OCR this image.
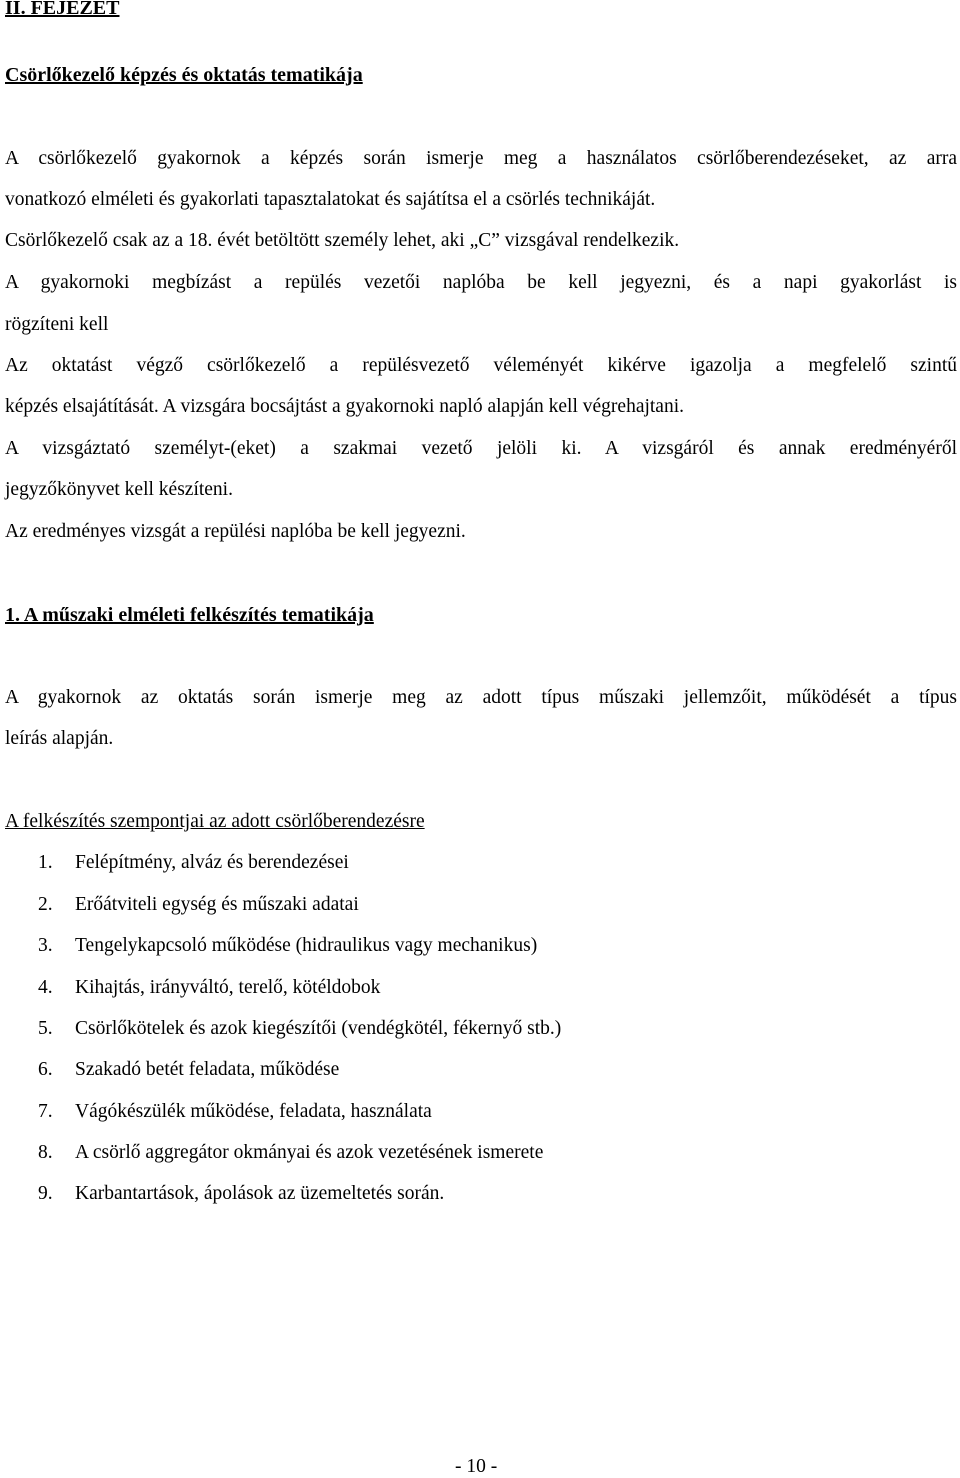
II. FEJEZET
Csörlőkezelő képzés és oktatás tematikája
A csörlőkezelő gyakornok a képzés során ismerje meg a használatos csörlőberendezéseket, az arra
vonatkozó elméleti és gyakorlati tapasztalatokat és sajátítsa el a csörlés technikáját.
Csörlőkezelő csak az a 18. évét betöltött személy lehet, aki „C” vizsgával rendelkezik.
A gyakornoki megbízást a repülés vezetői naplóba be kell jegyezni, és a napi gyakorlást is
rögzíteni kell
Az oktatást végző csörlőkezelő a repülésvezető véleményét kikérve igazolja a megfelelő szintű
képzés elsajátítását. A vizsgára bocsájtást a gyakornoki napló alapján kell végrehajtani.
A vizsgáztató személyt-(eket) a szakmai vezető jelöli ki. A vizsgáról és annak eredményéről
jegyzőkönyvet kell készíteni.
Az eredményes vizsgát a repülési naplóba be kell jegyezni.
1. A műszaki elméleti felkészítés tematikája
A gyakornok az oktatás során ismerje meg az adott típus műszaki jellemzőit, működését a típus
leírás alapján.
A felkészítés szempontjai az adott csörlőberendezésre
1. Felépítmény, alváz és berendezései
2. Erőátviteli egység és műszaki adatai
3. Tengelykapcsoló működése (hidraulikus vagy mechanikus)
4. Kihajtás, irányváltó, terelő, kötéldobok
5. Csörlőkötelek és azok kiegészítői (vendégkötél, fékernyő stb.)
6. Szakadó betét feladata, működése
7. Vágókészülék működése, feladata, használata
8. A csörlő aggregátor okmányai és azok vezetésének ismerete
9. Karbantartások, ápolások az üzemeltetés során.
- 10 -
